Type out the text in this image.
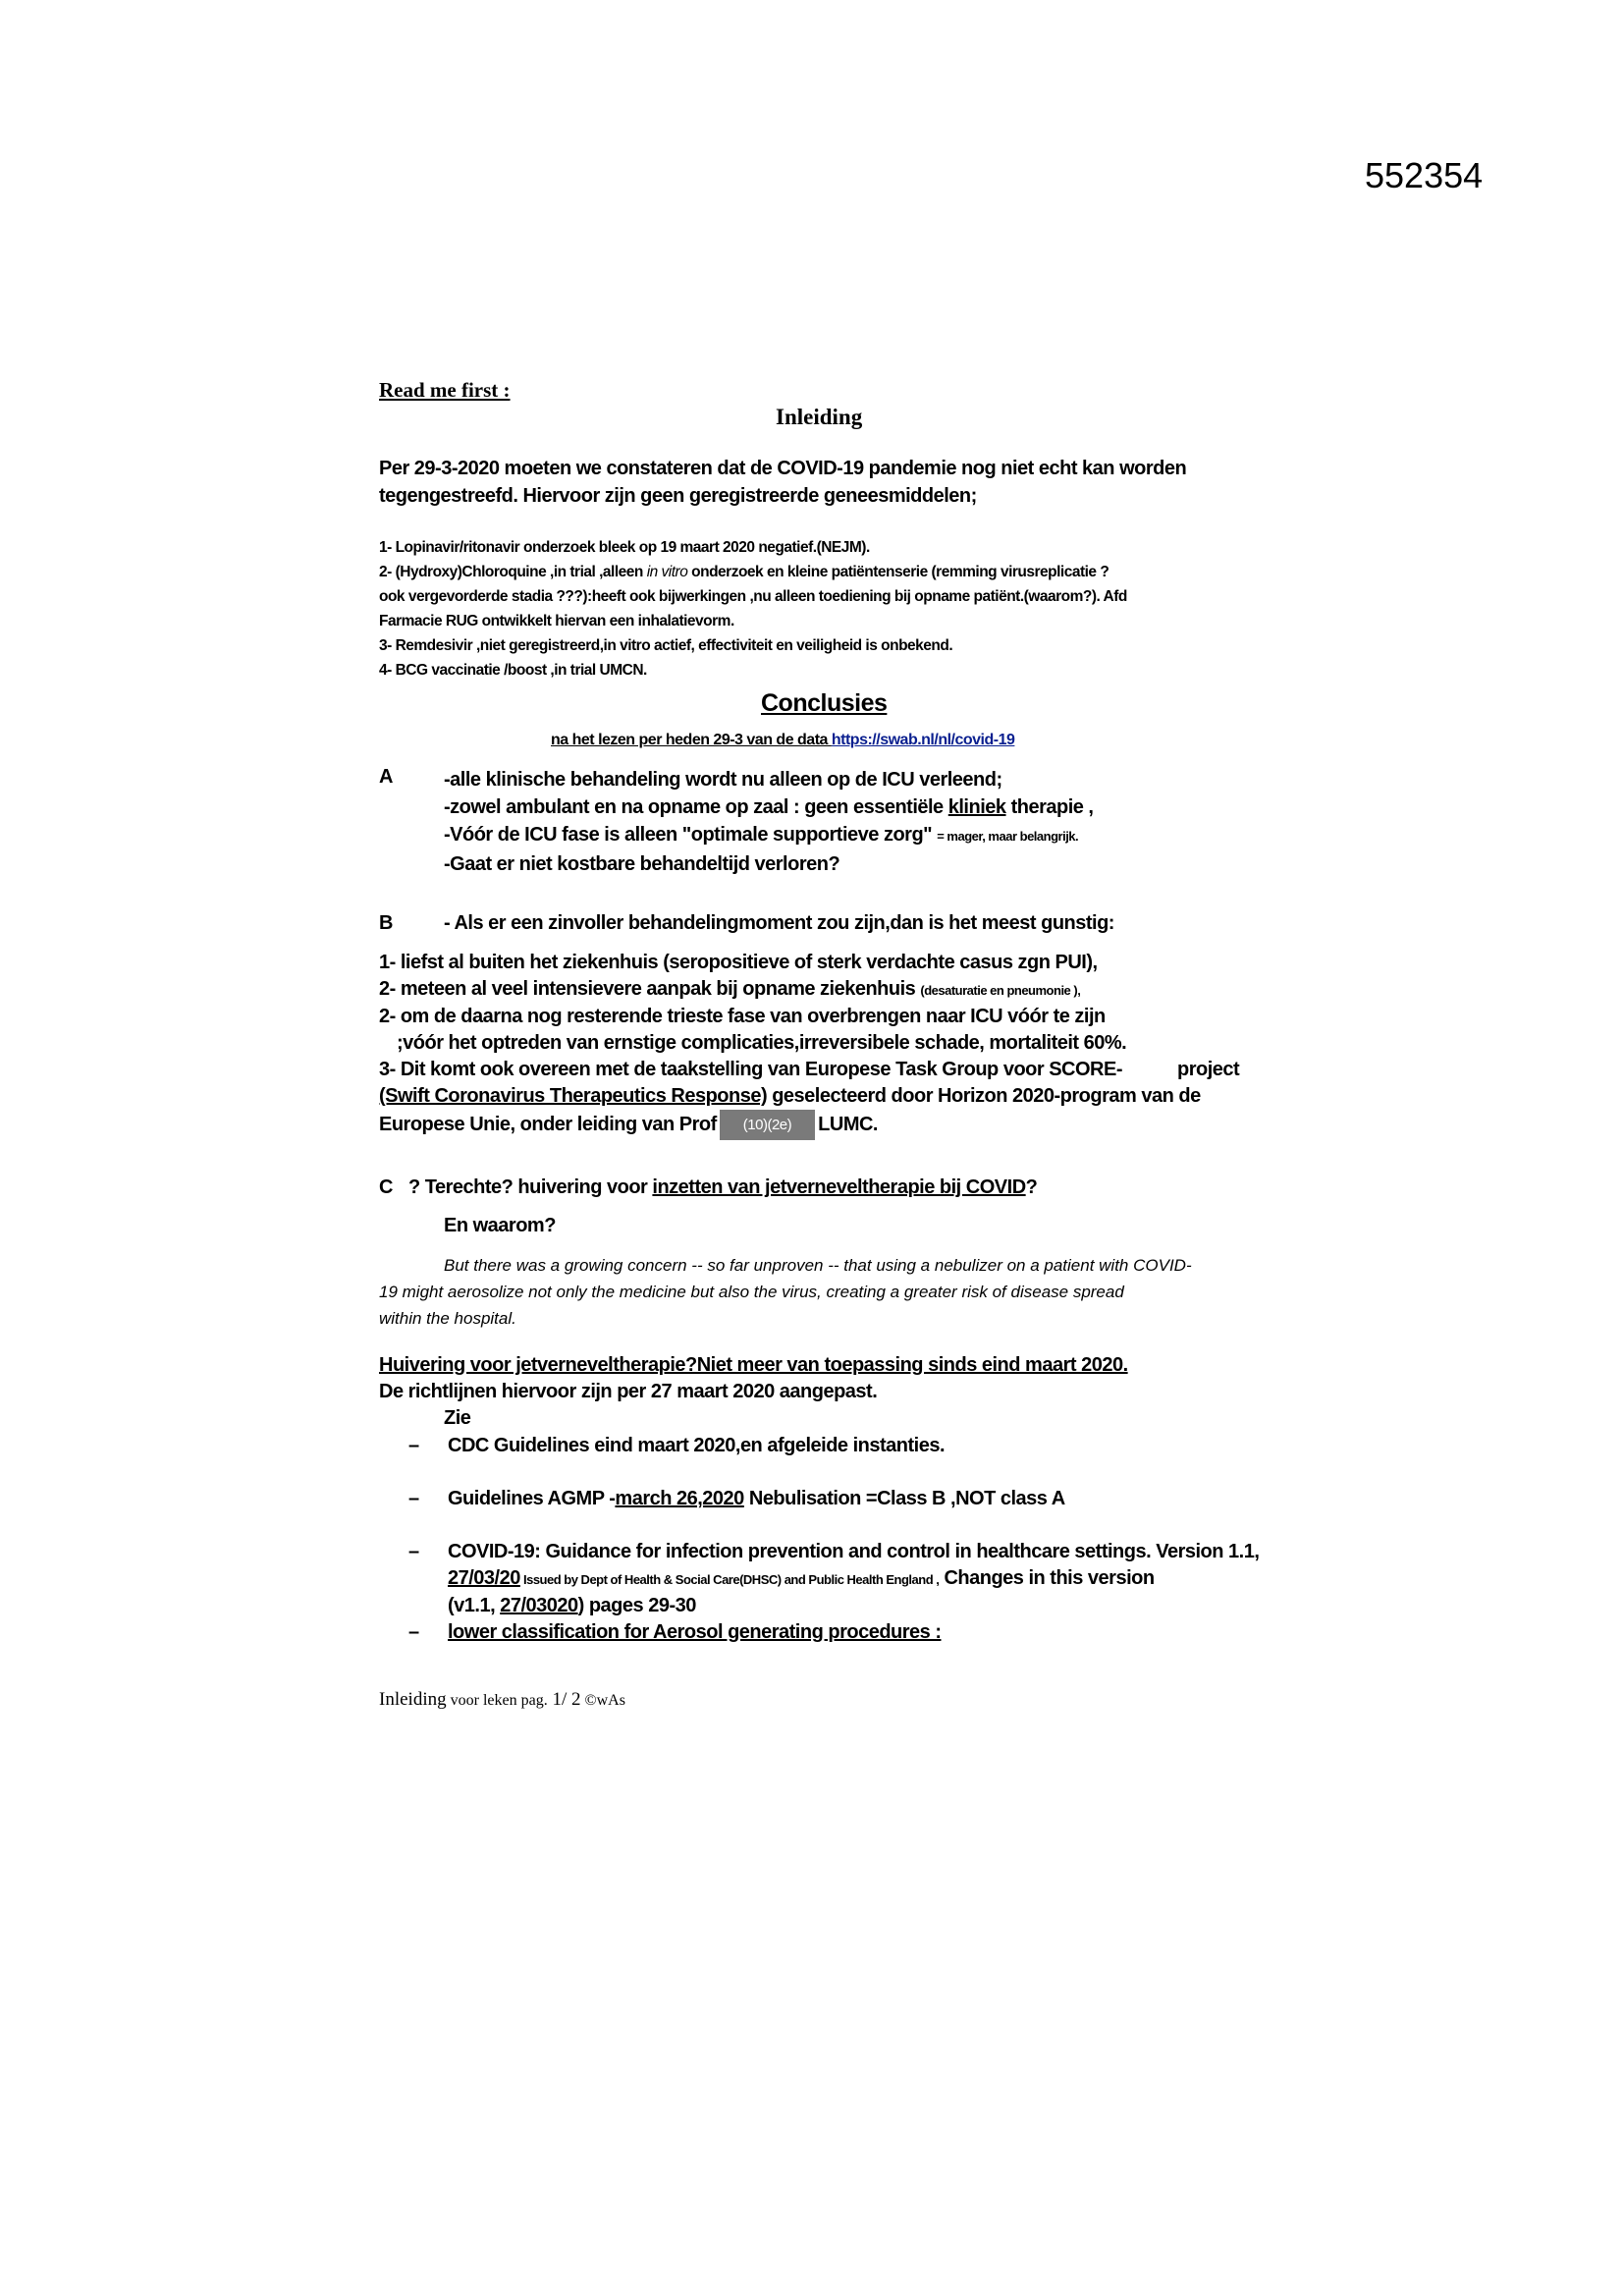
552354
Read me first :
Inleiding
Per 29-3-2020 moeten we constateren dat de COVID-19 pandemie nog niet echt kan worden
tegengestreefd. Hiervoor zijn geen geregistreerde geneesmiddelen;
1- Lopinavir/ritonavir onderzoek bleek op 19 maart 2020 negatief.(NEJM).
2- (Hydroxy)Chloroquine ,in trial ,alleen in vitro onderzoek en kleine patiëntenserie (remming virusreplicatie ?
ook vergevorderde stadia ???):heeft ook bijwerkingen ,nu alleen toediening bij opname patiënt.(waarom?). Afd
Farmacie RUG ontwikkelt hiervan een inhalatievorm.
3- Remdesivir ,niet geregistreerd,in vitro actief, effectiviteit en veiligheid is onbekend.
4- BCG vaccinatie /boost ,in trial UMCN.
Conclusies
na het lezen per heden 29-3 van de data https://swab.nl/nl/covid-19
A	-alle klinische behandeling wordt nu alleen op de ICU verleend;
-zowel ambulant en na opname op zaal : geen essentiële kliniek therapie ,
-Vóór de ICU fase is alleen "optimale supportieve zorg" = mager, maar belangrijk.
-Gaat er niet kostbare behandeltijd verloren?
B	- Als er een zinvoller behandelingmoment zou zijn,dan is het meest gunstig:
1- liefst al buiten het ziekenhuis (seropositieve of sterk verdachte casus zgn PUI),
2- meteen al veel intensievere aanpak bij opname ziekenhuis (desaturatie en pneumonie ),
2- om de daarna nog resterende trieste fase van overbrengen naar ICU vóór te zijn
;vóór het optreden van ernstige complicaties,irreversibele schade, mortaliteit 60%.
3- Dit komt ook overeen met de taakstelling van Europese Task Group voor SCORE-	project
(Swift Coronavirus Therapeutics Response) geselecteerd door Horizon 2020-program van de
Europese Unie, onder leiding van Prof (10)(2e) LUMC.
C ? Terechte? huivering voor inzetten van jetverneveltherapie bij COVID?
En waarom?
But there was a growing concern -- so far unproven -- that using a nebulizer on a patient with COVID-
19 might aerosolize not only the medicine but also the virus, creating a greater risk of disease spread
within the hospital.
Huivering voor jetverneveltherapie?Niet meer van toepassing sinds eind maart 2020.
De richtlijnen hiervoor zijn per 27 maart 2020 aangepast.
Zie
– CDC Guidelines eind maart 2020,en afgeleide instanties.
– Guidelines AGMP -march 26,2020 Nebulisation =Class B ,NOT class A
– COVID-19: Guidance for infection prevention and control in healthcare settings. Version 1.1,
27/03/20 Issued by Dept of Health & Social Care(DHSC) and Public Health England , Changes in this version
(v1.1, 27/03020) pages 29-30
– lower classification for Aerosol generating procedures :
Inleiding voor leken pag. 1/ 2 ©wAs
